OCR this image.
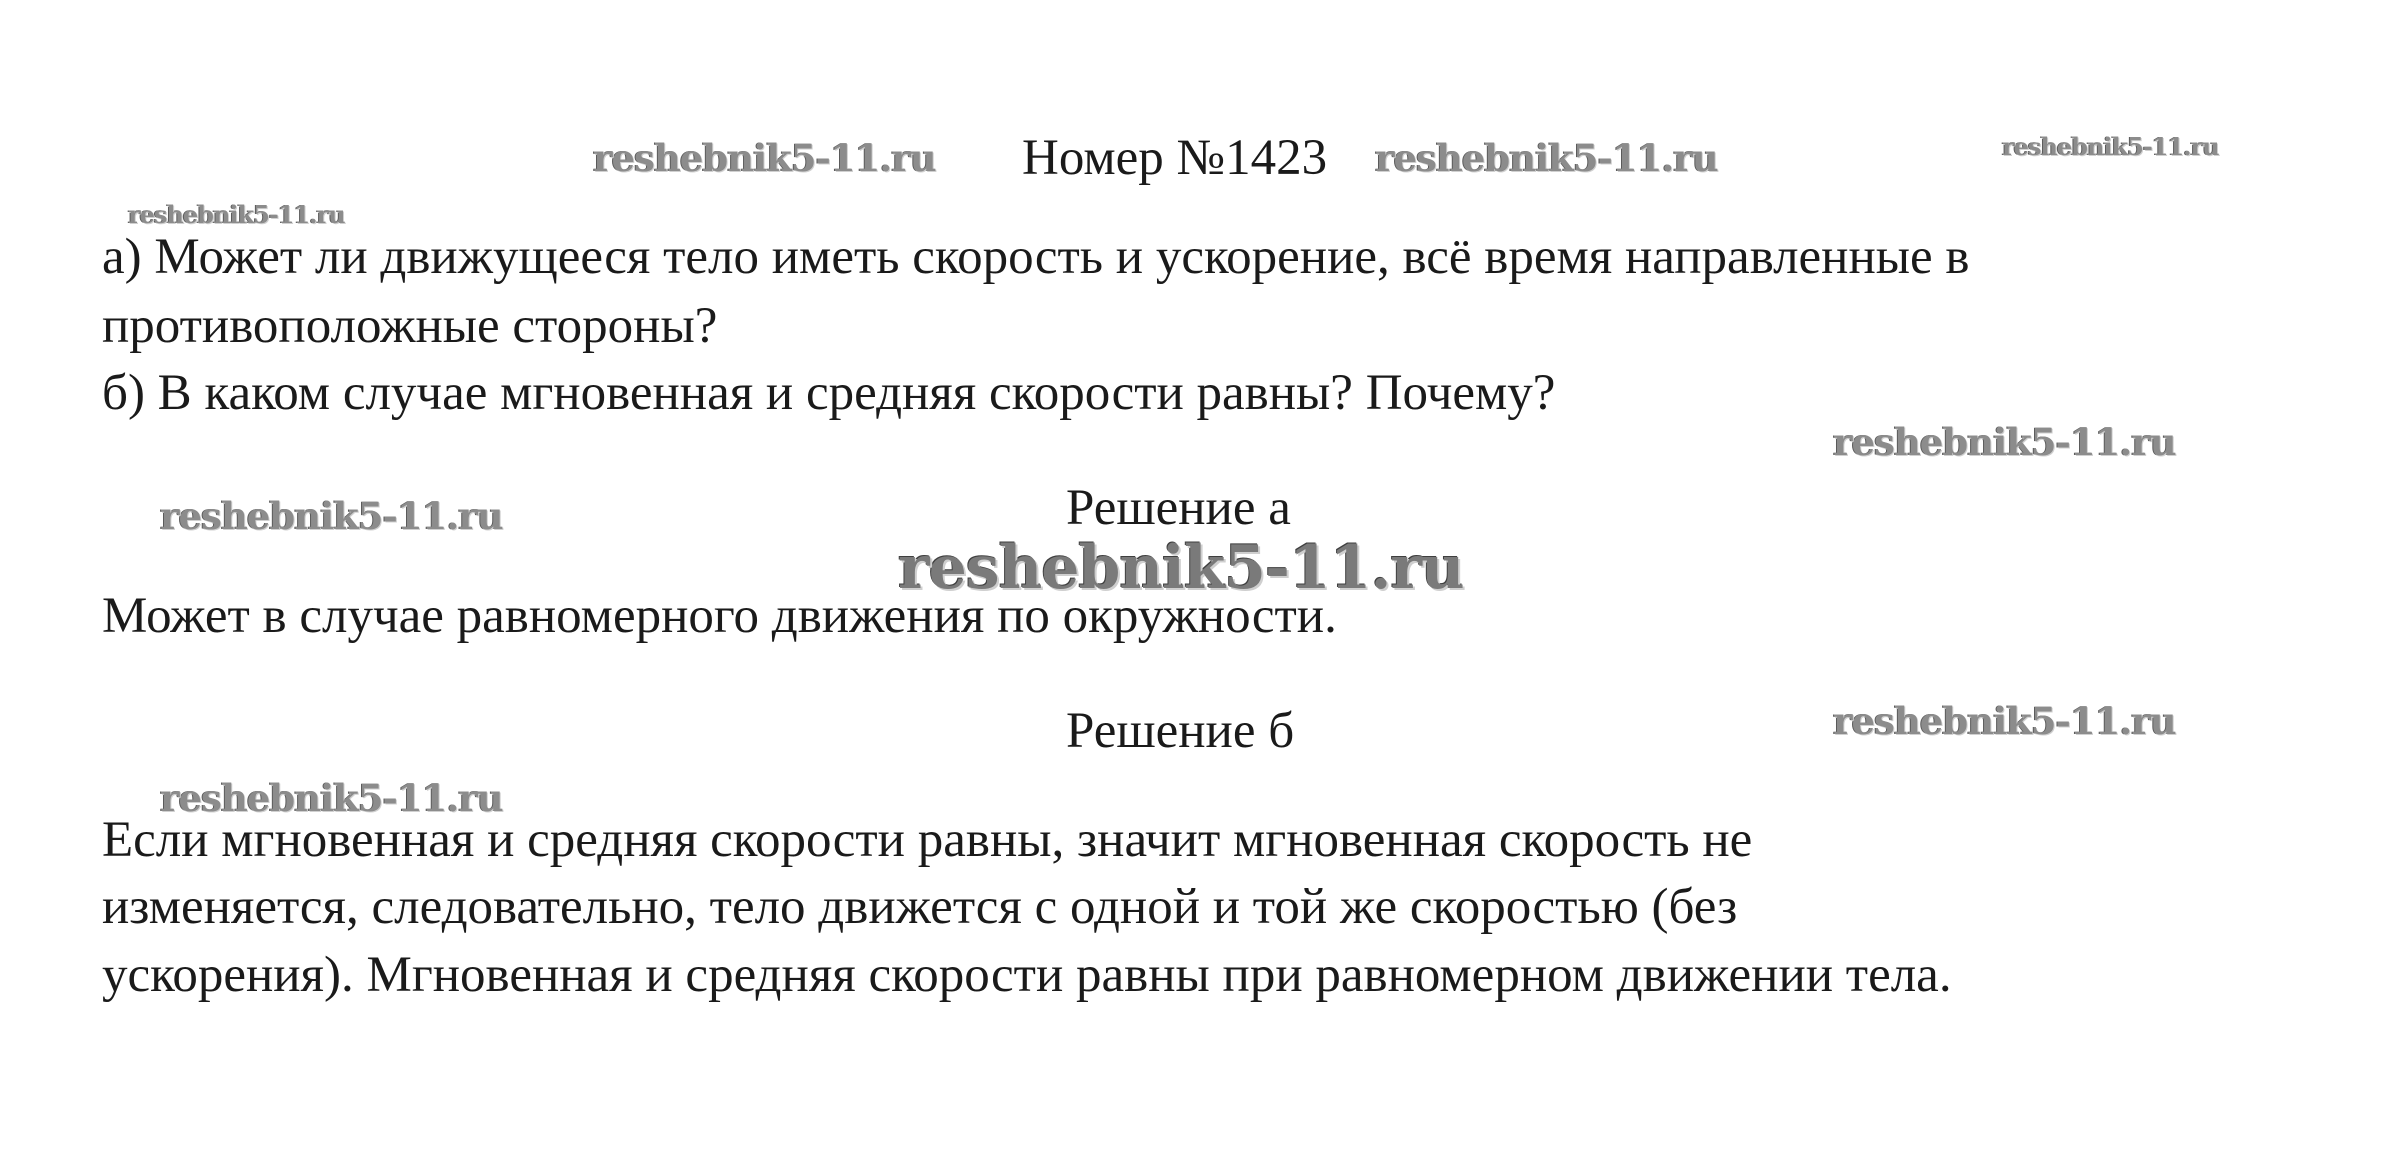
Номер №1423
а) Может ли движущееся тело иметь скорость и ускорение, всё время направленные в
противоположные стороны?
б) В каком случае мгновенная и средняя скорости равны? Почему?
Решение а
Может в случае равномерного движения по окружности.
Решение б
Если мгновенная и средняя скорости равны, значит мгновенная скорость не
изменяется, следовательно, тело движется с одной и той же скоростью (без
ускорения). Мгновенная и средняя скорости равны при равномерном движении тела.
reshebnik5-11.ru	reshebnik5-11.ru	reshebnik5-11.ru
reshebnik5-11.ru
reshebnik5-11.ru
reshebnik5-11.ru
reshebnik5-11.ru
reshebnik5-11.ru
reshebnik5-11.ru
